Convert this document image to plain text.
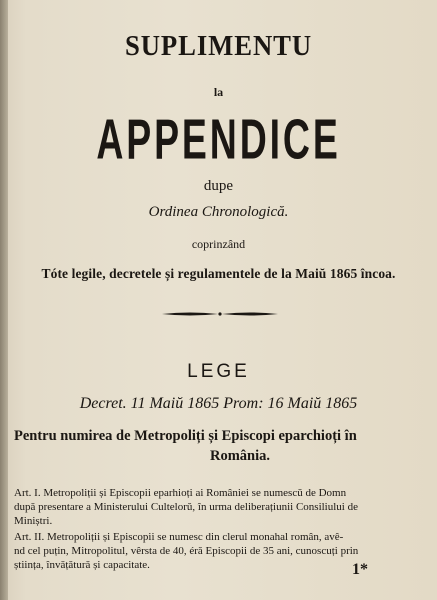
SUPLIMENTU
la
APPENDICE
dupe
Ordinea Chronologică.
coprinzând
Tóte legile, decretele și regulamentele de la Maiŭ 1865 încoa.
LEGE
Decret. 11 Maiŭ 1865 Prom: 16 Maiŭ 1865
Pentru numirea de Metropoliți și Episcopi eparchioți în
România.
Art. I. Metropoliții și Episcopii eparhioți ai României se numescŭ de Domn
după presentare a Ministerului Cultelorŭ, în urma deliberațiunii Consiliului de
Miniștri.
Art. II. Metropoliții și Episcopii se numesc din clerul monahal român, avê-
nd cel puțin, Mitropolitul, vêrsta de 40, éră Episcopii de 35 ani, cunoscuți prin
știința, învățătură și capacitate.	1*
